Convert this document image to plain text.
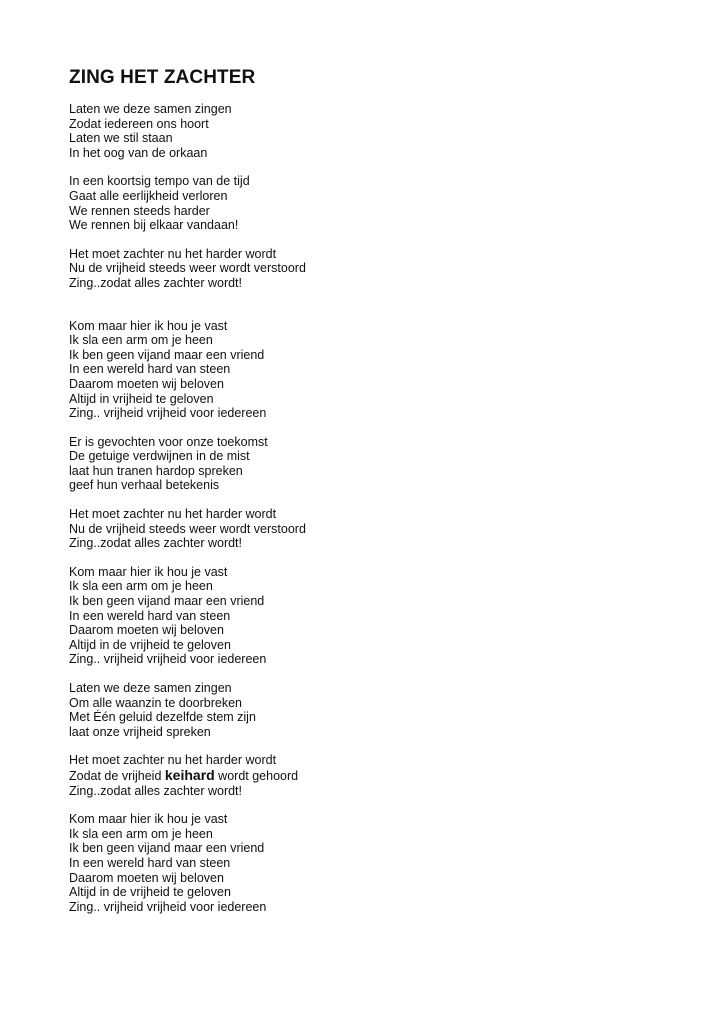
ZING HET ZACHTER
Laten we deze samen zingen
Zodat iedereen ons hoort
Laten we stil staan
In het oog van de orkaan
In een koortsig tempo van de tijd
Gaat alle eerlijkheid verloren
We rennen steeds harder
We rennen bij elkaar vandaan!
Het moet zachter nu het harder wordt
Nu de vrijheid steeds weer wordt verstoord
Zing..zodat alles zachter wordt!
Kom maar hier ik hou je vast
Ik sla een arm om je heen
Ik ben geen vijand maar een vriend
In een wereld hard van steen
Daarom moeten wij beloven
Altijd in vrijheid te geloven
Zing.. vrijheid vrijheid voor iedereen
Er is gevochten voor onze toekomst
De getuige verdwijnen in de mist
laat hun tranen hardop spreken
geef hun verhaal betekenis
Het moet zachter nu het harder wordt
Nu de vrijheid steeds weer wordt verstoord
Zing..zodat alles zachter wordt!
Kom maar hier ik hou je vast
Ik sla een arm om je heen
Ik ben geen vijand maar een vriend
In een wereld hard van steen
Daarom moeten wij beloven
Altijd in de vrijheid te geloven
Zing.. vrijheid vrijheid voor iedereen
Laten we deze samen zingen
Om alle waanzin te doorbreken
Met Één geluid dezelfde stem zijn
laat onze vrijheid spreken
Het moet zachter nu het harder wordt
Zodat de vrijheid keihard wordt gehoord
Zing..zodat alles zachter wordt!
Kom maar hier ik hou je vast
Ik sla een arm om je heen
Ik ben geen vijand maar een vriend
In een wereld hard van steen
Daarom moeten wij beloven
Altijd in de vrijheid te geloven
Zing.. vrijheid vrijheid voor iedereen
